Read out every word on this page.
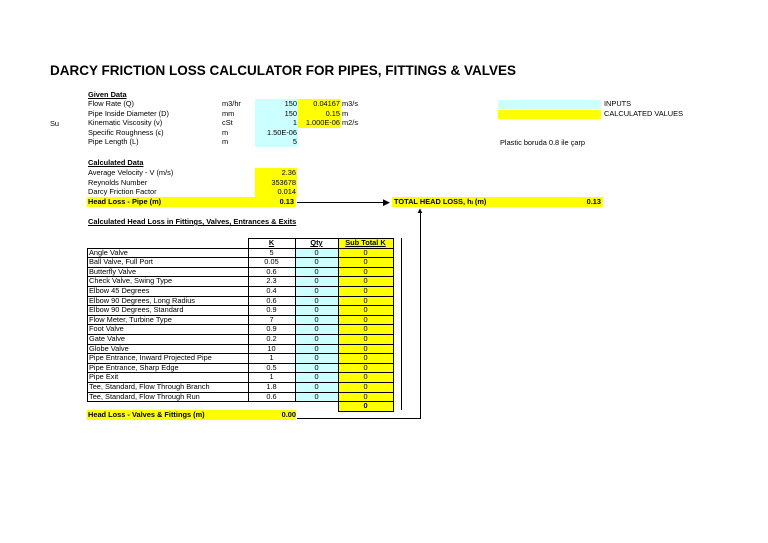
DARCY FRICTION LOSS CALCULATOR FOR PIPES, FITTINGS & VALVES
Given Data
Su
Flow Rate (Q)	m3/hr	150	0.04167 m3/s
Pipe Inside Diameter (D)	mm	150	0.15 m
Kinematic Viscosity (ν)	cSt	1	1.000E-06 m2/s
Specific Roughness (ϵ)	m	1.50E-06
Pipe Length (L)	m	5
INPUTS
CALCULATED VALUES
Plastic boruda 0.8 ile çarp
Calculated Data
Average Velocity - V (m/s)	2.36
Reynolds Number	353678
Darcy Friction Factor	0.014
Head Loss - Pipe (m)	0.13	▶ TOTAL HEAD LOSS, hₗ (m)	0.13
▲
Calculated Head Loss in Fittings, Valves, Entrances & Exits
	K	Qty	Sub Total K
Angle Valve	5	0	0
Ball Valve, Full Port	0.05	0	0
Butterfly Valve	0.6	0	0
Check Valve, Swing Type	2.3	0	0
Elbow 45 Degrees	0.4	0	0
Elbow 90 Degrees, Long Radius	0.6	0	0
Elbow 90 Degrees, Standard	0.9	0	0
Flow Meter, Turbine Type	7	0	0
Foot Valve	0.9	0	0
Gate Valve	0.2	0	0
Globe Valve	10	0	0
Pipe Entrance, Inward Projected Pipe	1	0	0
Pipe Entrance, Sharp Edge	0.5	0	0
Pipe Exit	1	0	0
Tee, Standard, Flow Through Branch	1.8	0	0
Tee, Standard, Flow Through Run	0.6	0	0
			0
Head Loss - Valves & Fittings (m)	0.00
